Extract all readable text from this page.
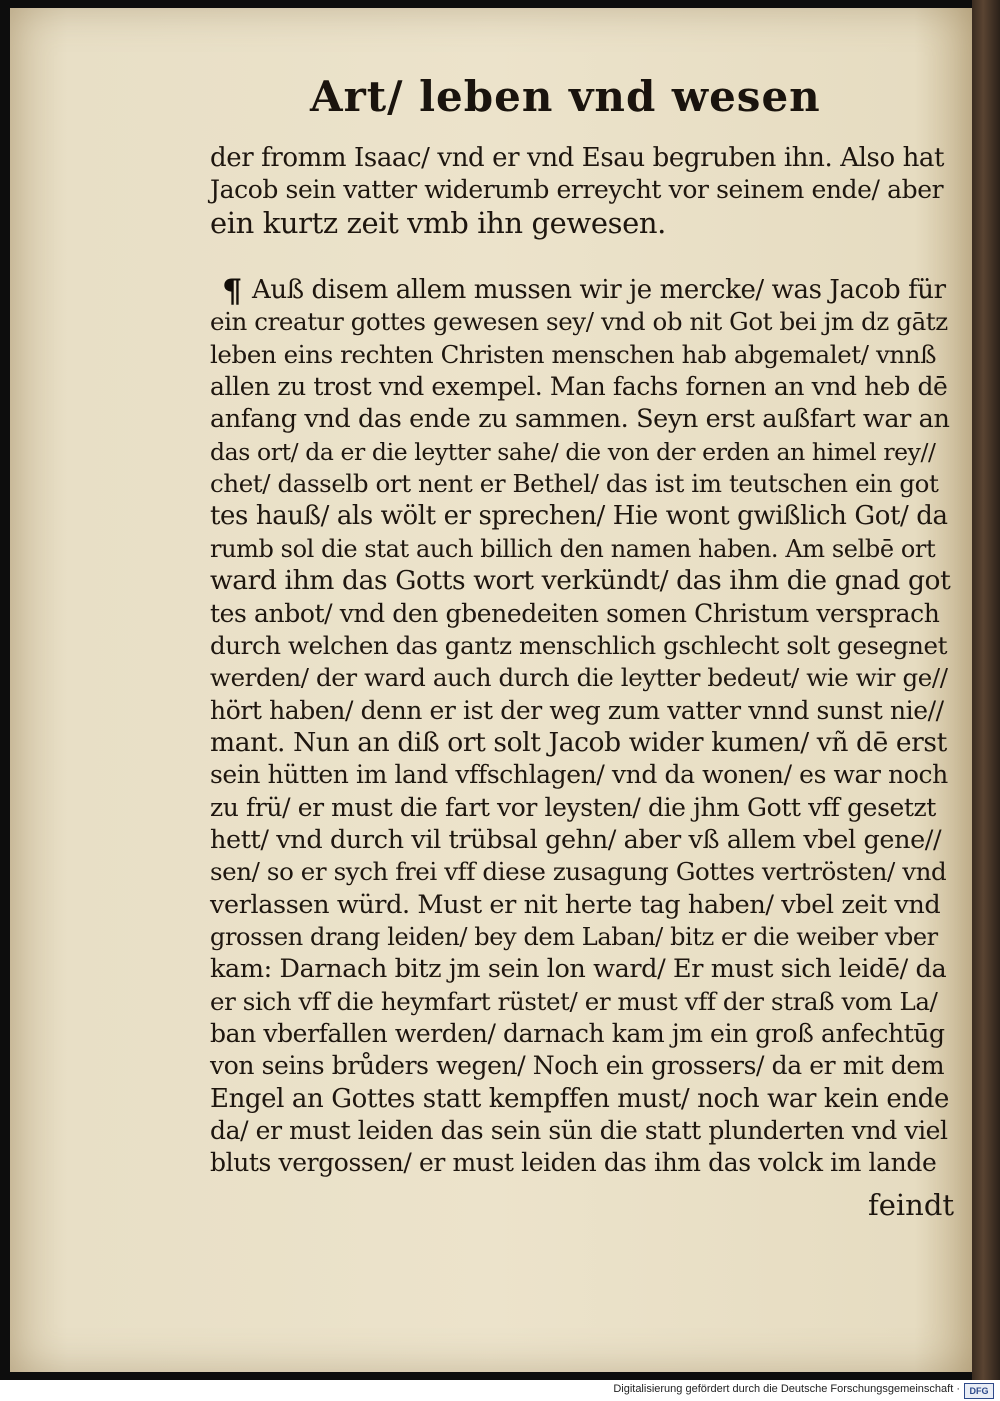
Art/ leben vnd wesen
der fromm Isaac/ vnd er vnd Esau begruben ihn. Also hat
Jacob sein vatter widerumb erreycht vor seinem ende/ aber
ein kurtz zeit vmb ihn gewesen.
¶ Auß disem allem mussen wir je mercke/ was Jacob für
ein creatur gottes gewesen sey/ vnd ob nit Got bei jm dz gātz
leben eins rechten Christen menschen hab abgemalet/ vnnß
allen zu trost vnd exempel. Man fachs fornen an vnd heb dē
anfang vnd das ende zu sammen. Seyn erst außfart war an
das ort/ da er die leytter sahe/ die von der erden an himel rey//
chet/ dasselb ort nent er Bethel/ das ist im teutschen ein got
tes hauß/ als wölt er sprechen/ Hie wont gwißlich Got/ da
rumb sol die stat auch billich den namen haben. Am selbē ort
ward ihm das Gotts wort verkündt/ das ihm die gnad got
tes anbot/ vnd den gbenedeiten somen Christum versprach
durch welchen das gantz menschlich gschlecht solt gesegnet
werden/ der ward auch durch die leytter bedeut/ wie wir ge//
hört haben/ denn er ist der weg zum vatter vnnd sunst nie//
mant. Nun an diß ort solt Jacob wider kumen/ vñ dē erst
sein hütten im land vffschlagen/ vnd da wonen/ es war noch
zu frü/ er must die fart vor leysten/ die jhm Gott vff gesetzt
hett/ vnd durch vil trübsal gehn/ aber vß allem vbel gene//
sen/ so er sych frei vff diese zusagung Gottes vertrösten/ vnd
verlassen würd. Must er nit herte tag haben/ vbel zeit vnd
grossen drang leiden/ bey dem Laban/ bitz er die weiber vber
kam: Darnach bitz jm sein lon ward/ Er must sich leidē/ da
er sich vff die heymfart rüstet/ er must vff der straß vom La/
ban vberfallen werden/ darnach kam jm ein groß anfechtūg
von seins brůders wegen/ Noch ein grossers/ da er mit dem
Engel an Gottes statt kempffen must/ noch war kein ende
da/ er must leiden das sein sün die statt plunderten vnd viel
bluts vergossen/ er must leiden das ihm das volck im lande
feindt
Digitalisierung gefördert durch die Deutsche Forschungsgemeinschaft ·	DFG
